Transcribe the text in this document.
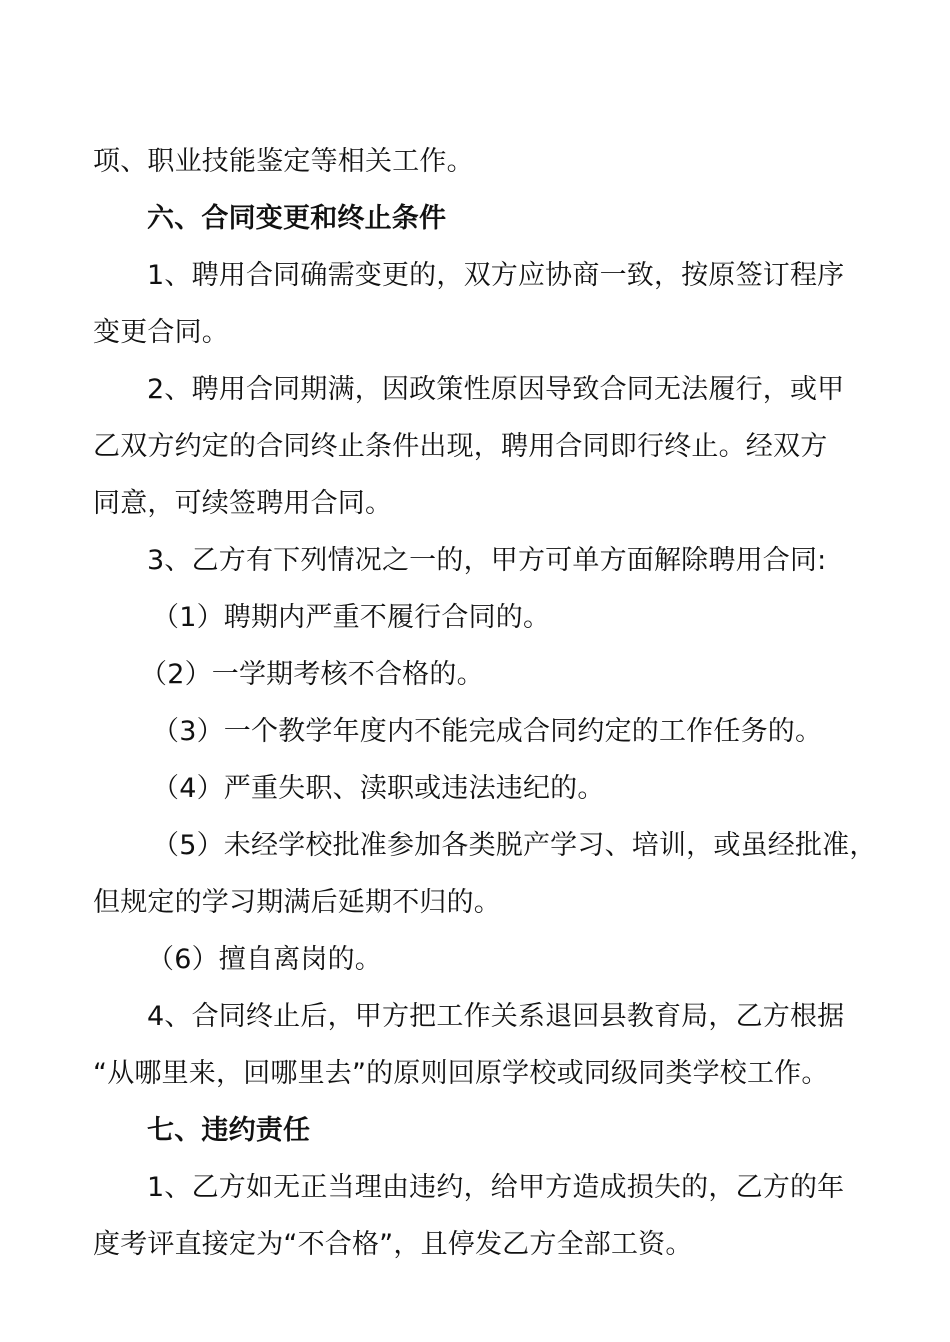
项、职业技能鉴定等相关工作。
六、合同变更和终止条件
1、聘用合同确需变更的，双方应协商一致，按原签订程序
变更合同。
2、聘用合同期满，因政策性原因导致合同无法履行，或甲
乙双方约定的合同终止条件出现，聘用合同即行终止。经双方
同意，可续签聘用合同。
3、乙方有下列情况之一的，甲方可单方面解除聘用合同:
（1）聘期内严重不履行合同的。
（2）一学期考核不合格的。
（3）一个教学年度内不能完成合同约定的工作任务的。
（4）严重失职、渎职或违法违纪的。
（5）未经学校批准参加各类脱产学习、培训，或虽经批准，
但规定的学习期满后延期不归的。
（6）擅自离岗的。
4、合同终止后，甲方把工作关系退回县教育局，乙方根据
“从哪里来，回哪里去”的原则回原学校或同级同类学校工作。
七、违约责任
1、乙方如无正当理由违约，给甲方造成损失的，乙方的年
度考评直接定为“不合格”，且停发乙方全部工资。
